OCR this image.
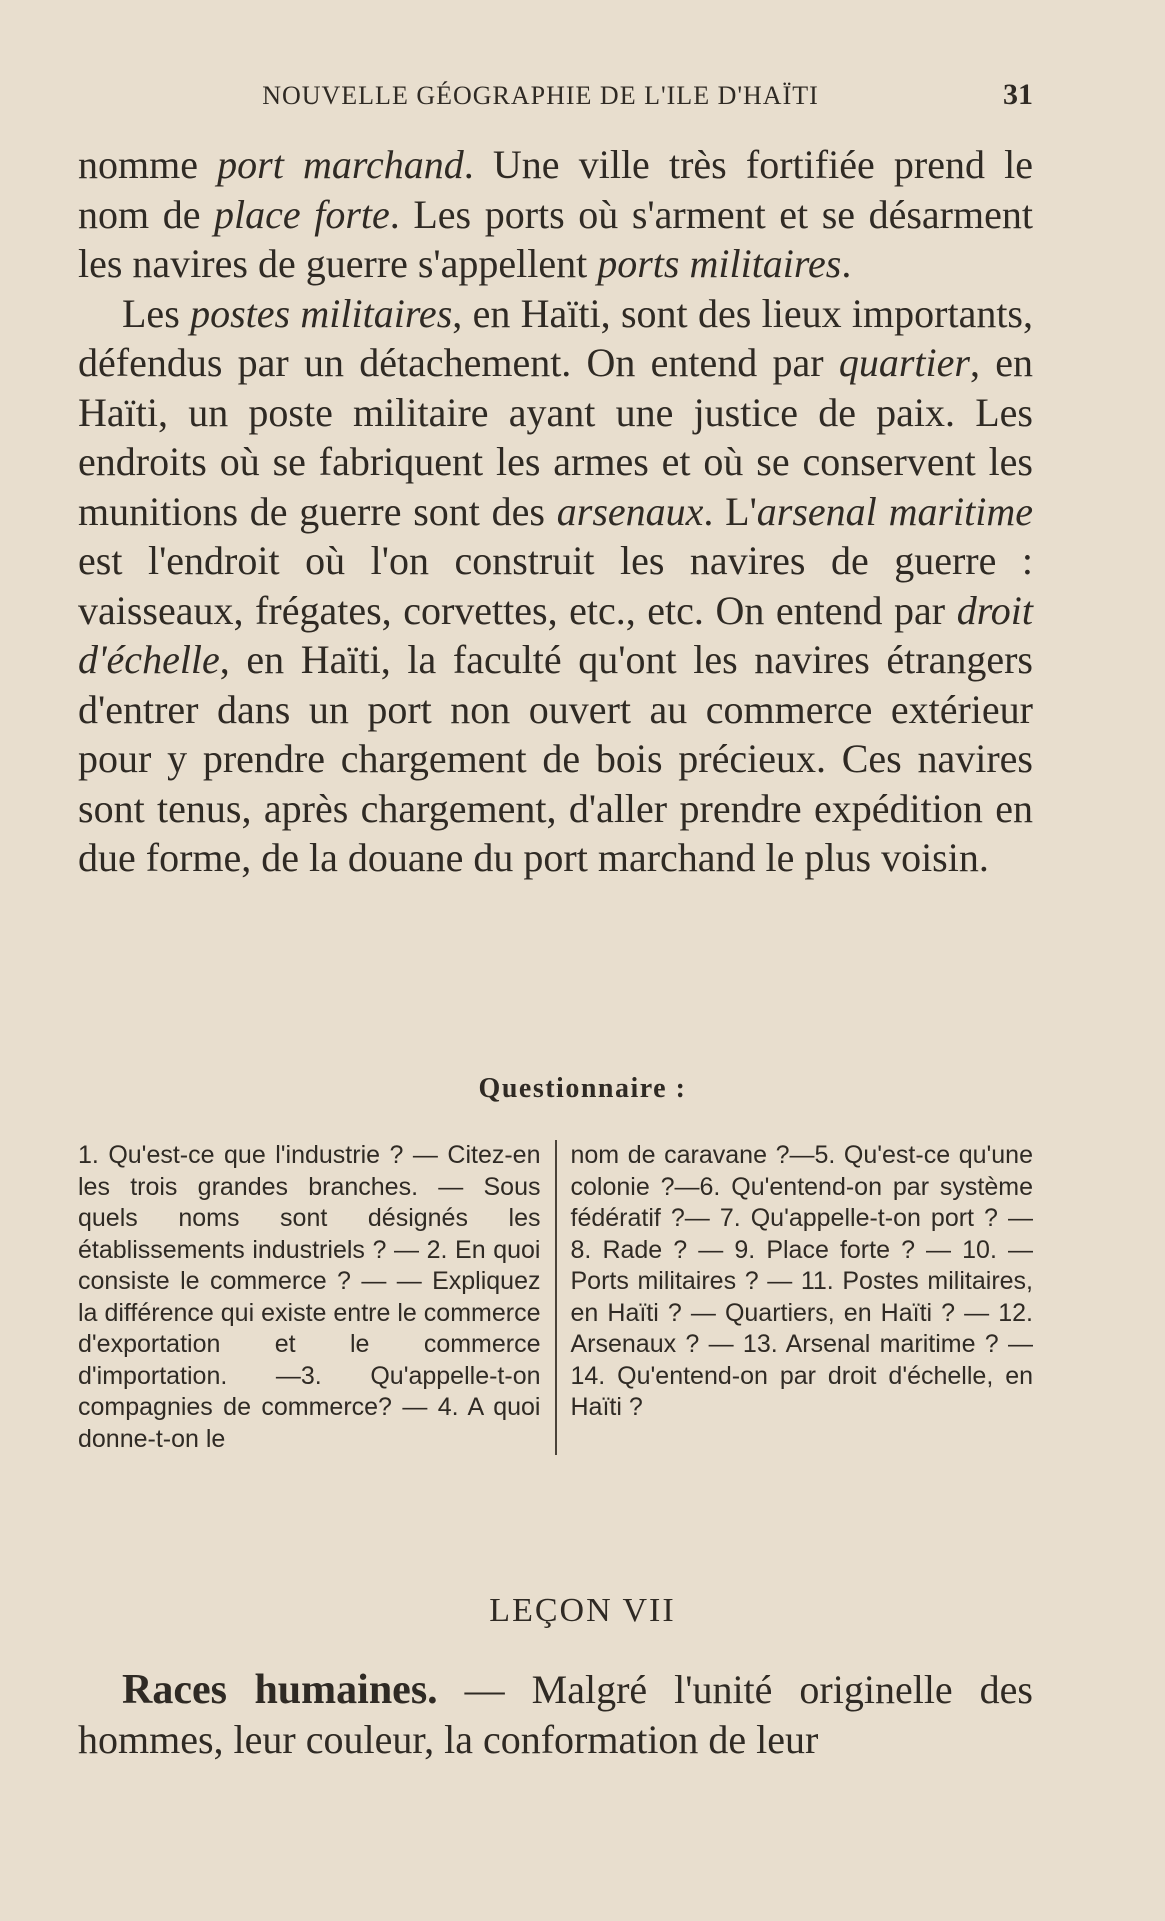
NOUVELLE GÉOGRAPHIE DE L'ILE D'HAÏTI	31

nomme port marchand. Une ville très fortifiée prend le nom de place forte. Les ports où s'arment et se désarment les navires de guerre s'appellent ports militaires.

Les postes militaires, en Haïti, sont des lieux importants, défendus par un détachement. On entend par quartier, en Haïti, un poste militaire ayant une justice de paix. Les endroits où se fabriquent les armes et où se conservent les munitions de guerre sont des arsenaux. L'arsenal maritime est l'endroit où l'on construit les navires de guerre : vaisseaux, frégates, corvettes, etc., etc. On entend par droit d'échelle, en Haïti, la faculté qu'ont les navires étrangers d'entrer dans un port non ouvert au commerce extérieur pour y prendre chargement de bois précieux. Ces navires sont tenus, après chargement, d'aller prendre expédition en due forme, de la douane du port marchand le plus voisin.

Questionnaire :
1. Qu'est-ce que l'industrie ? — Citez-en les trois grandes branches. — Sous quels noms sont désignés les établissements industriels ? — 2. En quoi consiste le commerce ? — — Expliquez la différence qui existe entre le commerce d'exportation et le commerce d'importation. —3. Qu'appelle-t-on compagnies de commerce? — 4. A quoi donne-t-on le
nom de caravane ?—5. Qu'est-ce qu'une colonie ?—6. Qu'entend-on par système fédératif ?— 7. Qu'appelle-t-on port ? — 8. Rade ? — 9. Place forte ? — 10. — Ports militaires ? — 11. Postes militaires, en Haïti ? — Quartiers, en Haïti ? — 12. Arsenaux ? — 13. Arsenal maritime ? — 14. Qu'entend-on par droit d'échelle, en Haïti ?
LEÇON VII

Races humaines. — Malgré l'unité originelle des hommes, leur couleur, la conformation de leur
